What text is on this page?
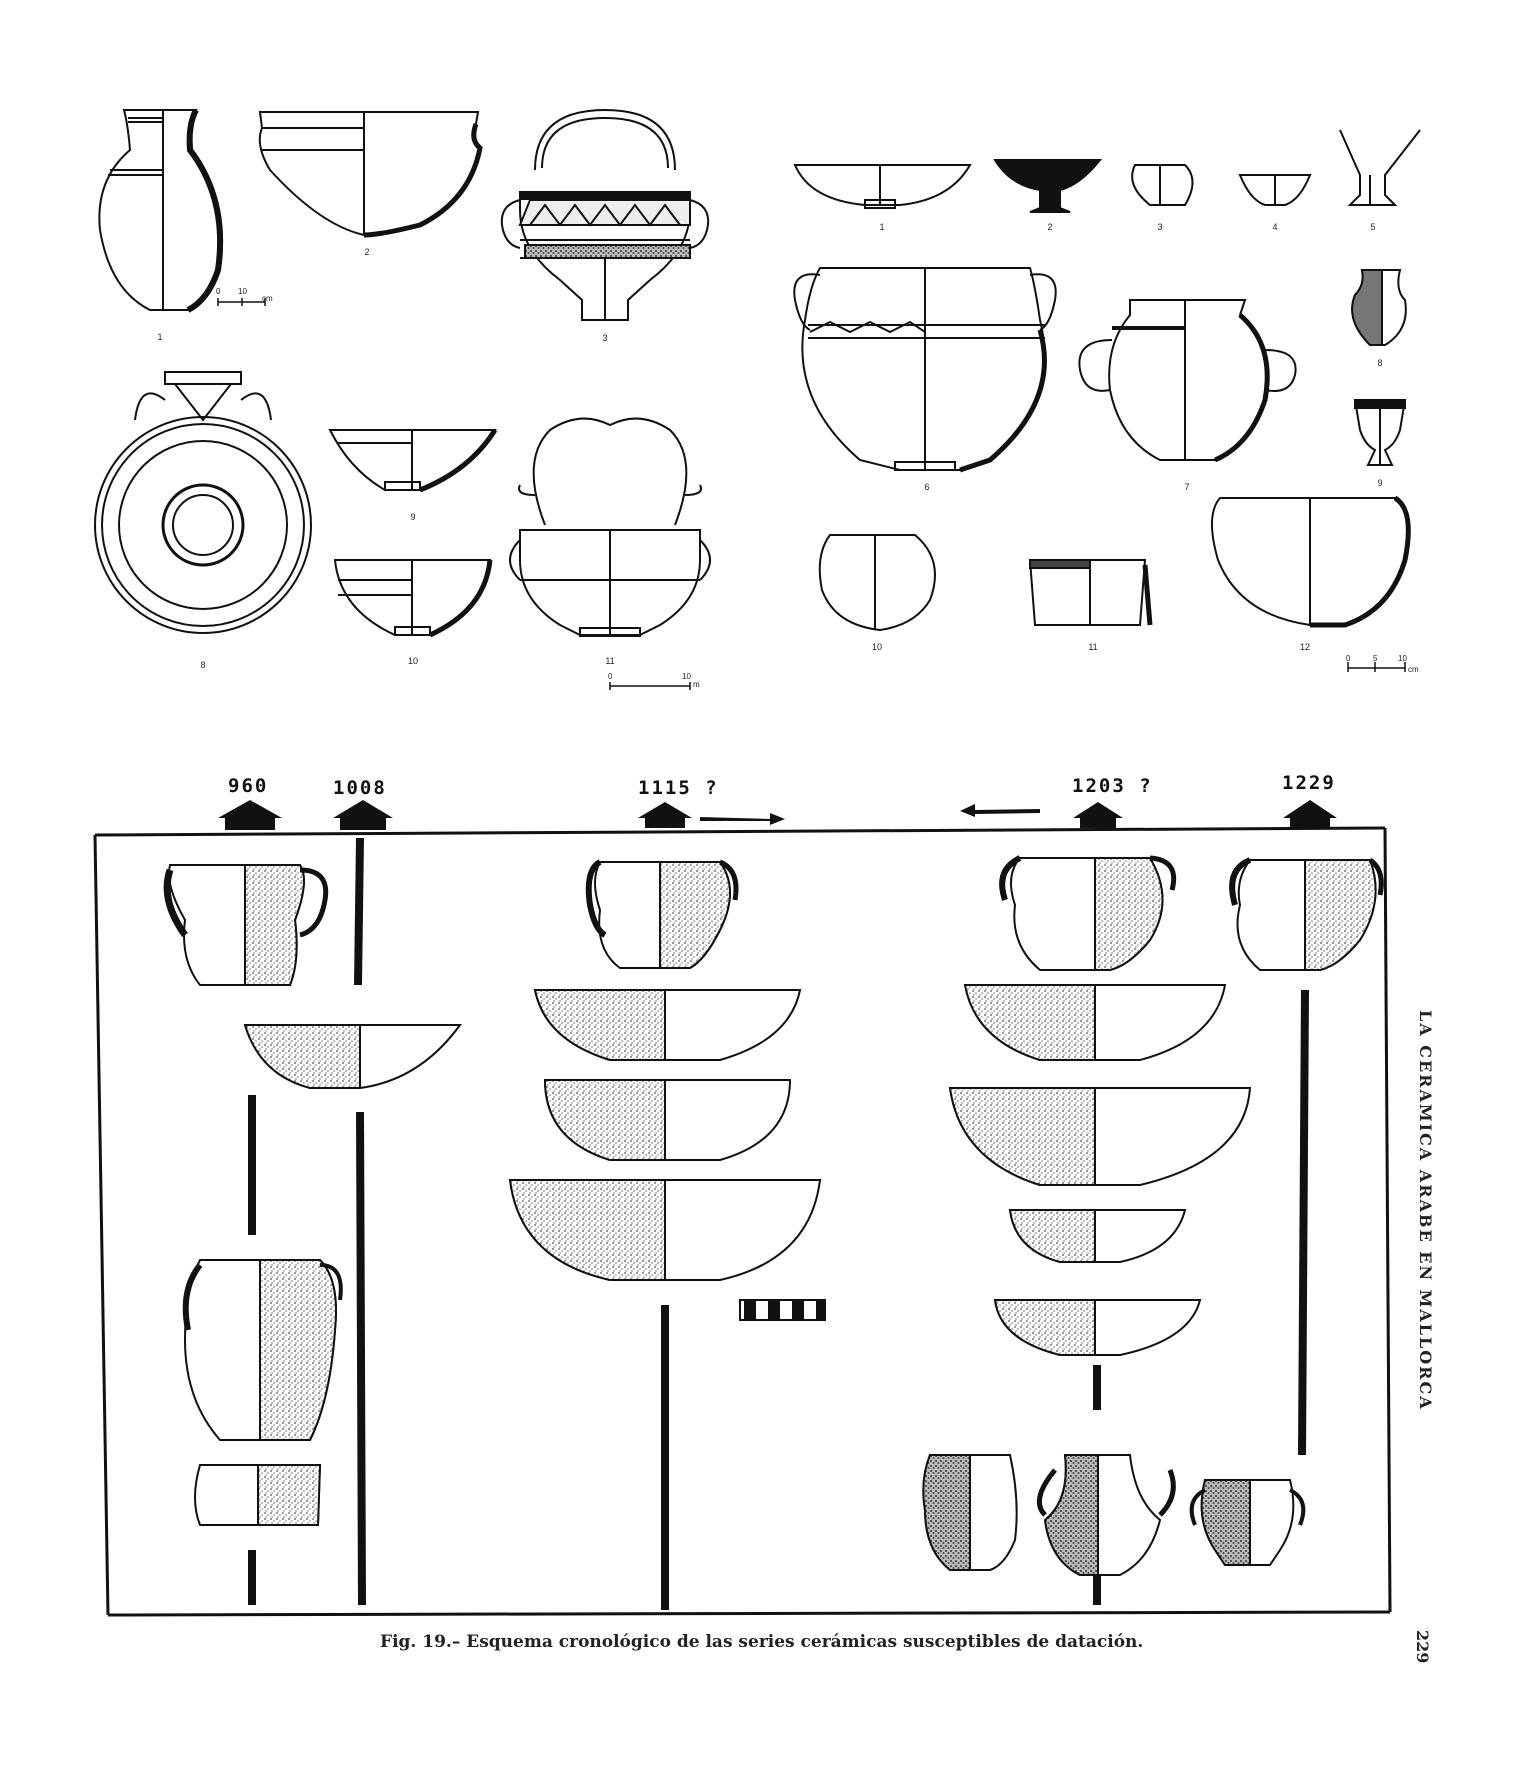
1
2
3
8
9
10	11
0 10
cm
0	10
m
1	2	3	4	5
6	7
8
9
10	11	12
0	5	10
cm
960	1008	1115 ?	1203 ?	1229
Fig. 19.– Esquema cronológico de las series cerámicas susceptibles de datación.
LA CERAMICA ARABE EN MALLORCA
229
